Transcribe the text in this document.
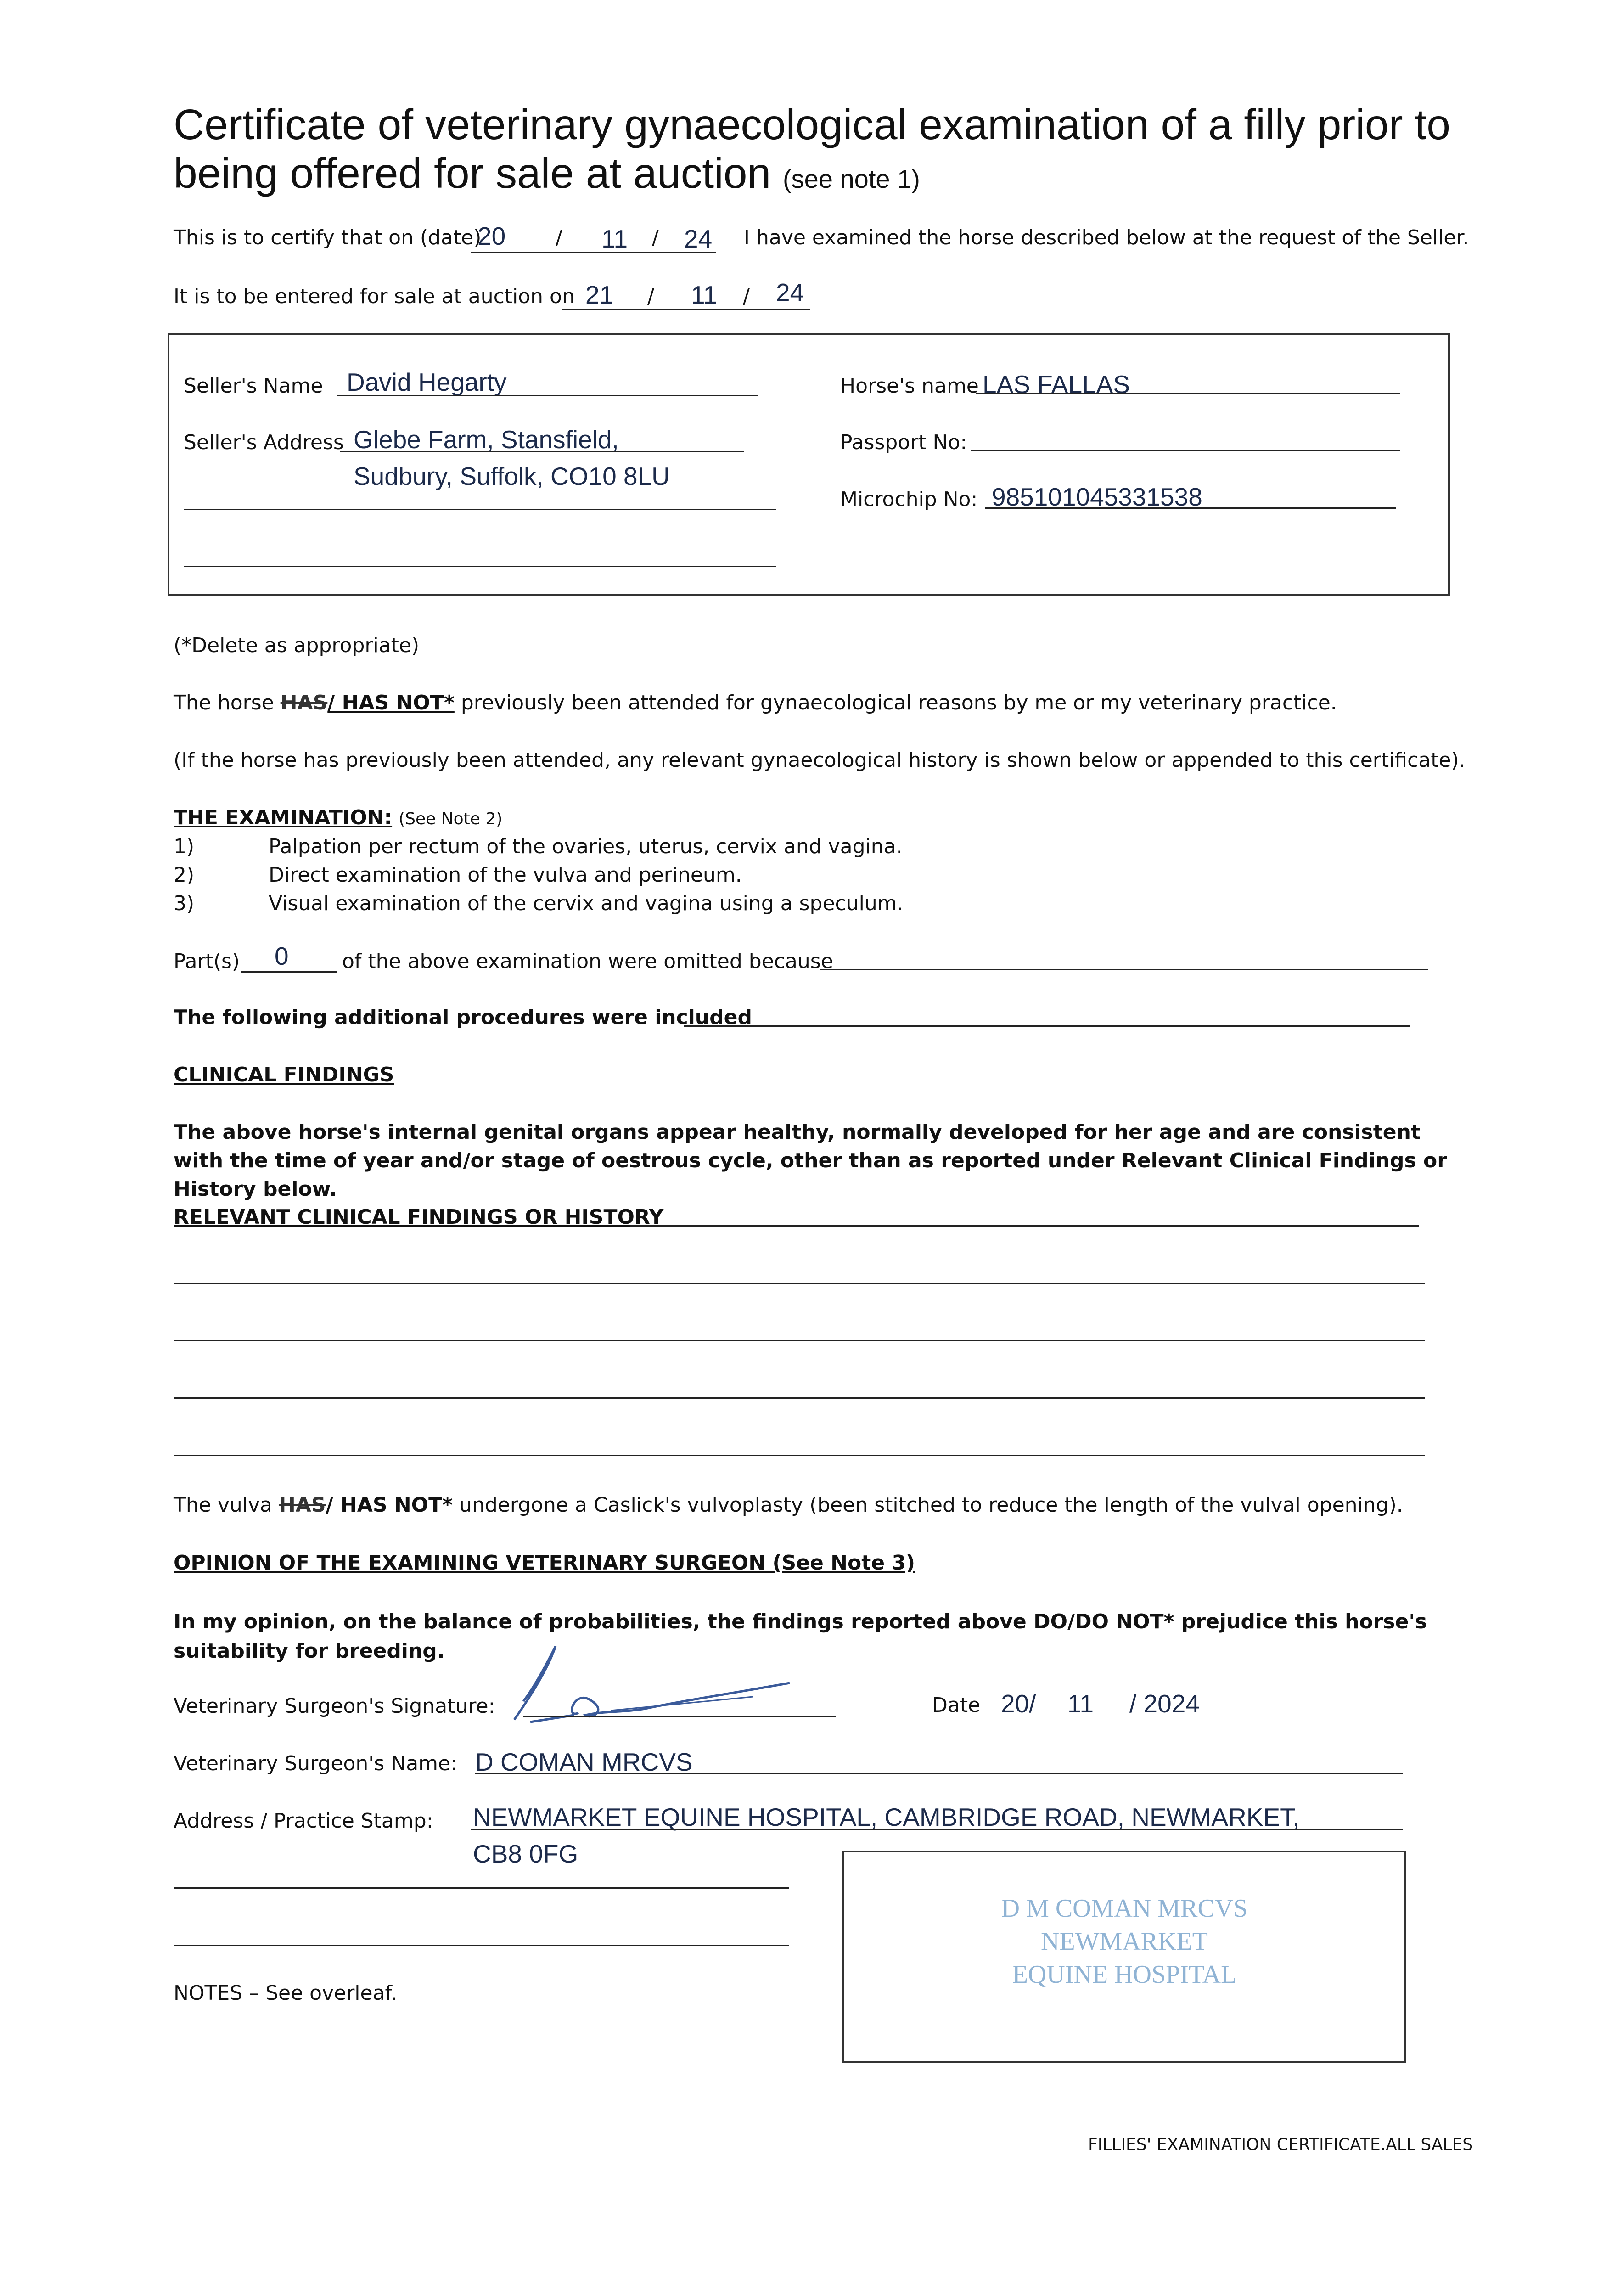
Certificate of veterinary gynaecological examination of a filly prior to being offered for sale at auction (see note 1)
This is to certify that on (date)
20 / 11 / 24 I have examined the horse described below at the request of the Seller.
It is to be entered for sale at auction on 21 / 11 / 24
Seller's Name David Hegarty
Seller's Address Glebe Farm, Stansfield,
Sudbury, Suffolk, CO10 8LU
Horse's name LAS FALLAS
Passport No:
Microchip No: 985101045331538
(*Delete as appropriate)
The horse HAS/ HAS NOT* previously been attended for gynaecological reasons by me or my veterinary practice.
(If the horse has previously been attended, any relevant gynaecological history is shown below or appended to this certificate).
THE EXAMINATION: (See Note 2)
1)	Palpation per rectum of the ovaries, uterus, cervix and vagina.
2)	Direct examination of the vulva and perineum.
3)	Visual examination of the cervix and vagina using a speculum.
Part(s) 0	of the above examination were omitted because
The following additional procedures were included
CLINICAL FINDINGS
The above horse's internal genital organs appear healthy, normally developed for her age and are consistent with the time of year and/or stage of oestrous cycle, other than as reported under Relevant Clinical Findings or History below.
RELEVANT CLINICAL FINDINGS OR HISTORY
The vulva HAS/ HAS NOT* undergone a Caslick's vulvoplasty (been stitched to reduce the length of the vulval opening).
OPINION OF THE EXAMINING VETERINARY SURGEON (See Note 3)
In my opinion, on the balance of probabilities, the findings reported above DO/DO NOT* prejudice this horse's suitability for breeding.
Veterinary Surgeon's Signature:	Date 20/ 11 / 2024
Veterinary Surgeon's Name: D COMAN MRCVS
Address / Practice Stamp: NEWMARKET EQUINE HOSPITAL, CAMBRIDGE ROAD, NEWMARKET,
CB8 0FG
D M COMAN MRCVS
NEWMARKET
EQUINE HOSPITAL
NOTES – See overleaf.
FILLIES' EXAMINATION CERTIFICATE.ALL SALES
